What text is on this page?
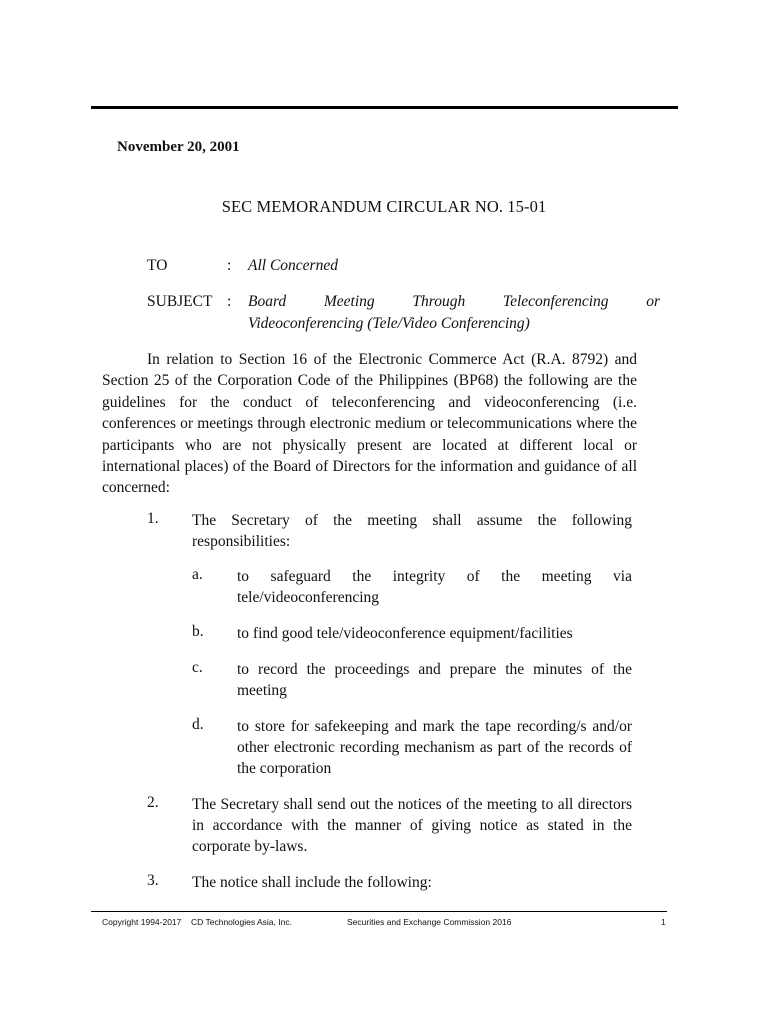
November 20, 2001
SEC MEMORANDUM CIRCULAR NO. 15-01
TO	: All Concerned
SUBJECT : Board Meeting Through Teleconferencing or
Videoconferencing (Tele/Video Conferencing)
In relation to Section 16 of the Electronic Commerce Act (R.A. 8792) and Section 25 of the Corporation Code of the Philippines (BP68) the following are the guidelines for the conduct of teleconferencing and videoconferencing (i.e. conferences or meetings through electronic medium or telecommunications where the participants who are not physically present are located at different local or international places) of the Board of Directors for the information and guidance of all concerned:
1. The Secretary of the meeting shall assume the following responsibilities:
a. to safeguard the integrity of the meeting via tele/videoconferencing
b. to find good tele/videoconference equipment/facilities
c. to record the proceedings and prepare the minutes of the meeting
d. to store for safekeeping and mark the tape recording/s and/or other electronic recording mechanism as part of the records of the corporation
2. The Secretary shall send out the notices of the meeting to all directors in accordance with the manner of giving notice as stated in the corporate by-laws.
3. The notice shall include the following:
Copyright 1994-2017 CD Technologies Asia, Inc.	Securities and Exchange Commission 2016	1
